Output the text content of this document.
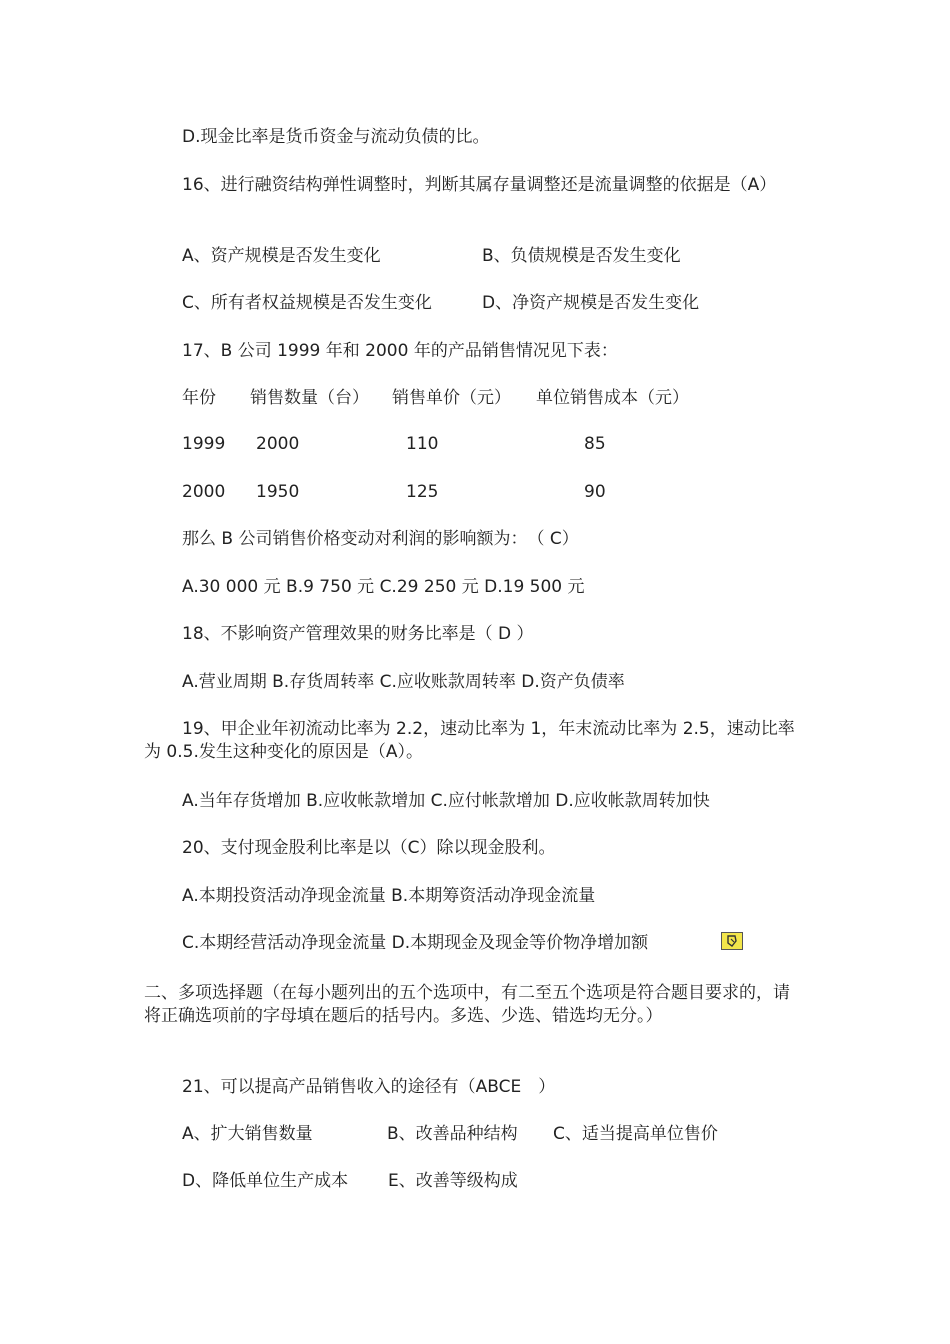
D.现金比率是货币资金与流动负债的比。
16、进行融资结构弹性调整时，判断其属存量调整还是流量调整的依据是（A）
A、资产规模是否发生变化	B、负债规模是否发生变化
C、所有者权益规模是否发生变化	D、净资产规模是否发生变化
17、B 公司 1999 年和 2000 年的产品销售情况见下表：
年份 销售数量（台） 销售单价（元） 单位销售成本（元）
1999 2000	110	85
2000 1950	125	90
那么 B 公司销售价格变动对利润的影响额为：　（ C）
A.30 000 元 B.9 750 元 C.29 250 元 D.19 500 元
18、不影响资产管理效果的财务比率是（ D ）
A.营业周期 B.存货周转率 C.应收账款周转率 D.资产负债率
19、甲企业年初流动比率为 2.2，速动比率为 1，年末流动比率为 2.5，速动比率为 0.5.发生这种变化的原因是（A）。
A.当年存货增加 B.应收帐款增加 C.应付帐款增加 D.应收帐款周转加快
20、支付现金股利比率是以（C）除以现金股利。
A.本期投资活动净现金流量 B.本期筹资活动净现金流量
C.本期经营活动净现金流量 D.本期现金及现金等价物净增加额
二、多项选择题（在每小题列出的五个选项中，有二至五个选项是符合题目要求的，请将正确选项前的字母填在题后的括号内。多选、少选、错选均无分。）
21、可以提高产品销售收入的途径有（ABCE　）
A、扩大销售数量	B、改善品种结构 C、适当提高单位售价
D、降低单位生产成本 E、改善等级构成
